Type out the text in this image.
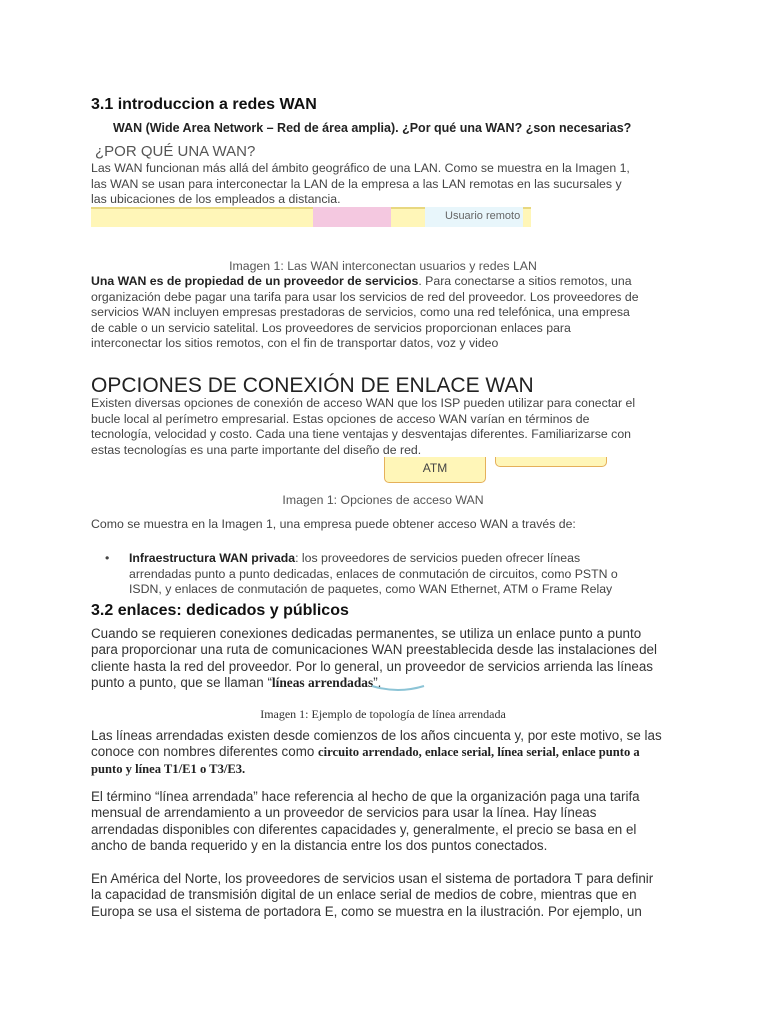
3.1 introduccion a redes WAN
WAN (Wide Area Network – Red de área amplia). ¿Por qué una WAN? ¿son necesarias?
¿POR QUÉ UNA WAN?
Las WAN funcionan más allá del ámbito geográfico de una LAN. Como se muestra en la Imagen 1,
las WAN se usan para interconectar la LAN de la empresa a las LAN remotas en las sucursales y
las ubicaciones de los empleados a distancia.
Usuario remoto
Imagen 1: Las WAN interconectan usuarios y redes LAN
Una WAN es de propiedad de un proveedor de servicios. Para conectarse a sitios remotos, una
organización debe pagar una tarifa para usar los servicios de red del proveedor. Los proveedores de
servicios WAN incluyen empresas prestadoras de servicios, como una red telefónica, una empresa
de cable o un servicio satelital. Los proveedores de servicios proporcionan enlaces para
interconectar los sitios remotos, con el fin de transportar datos, voz y video
OPCIONES DE CONEXIÓN DE ENLACE WAN
Existen diversas opciones de conexión de acceso WAN que los ISP pueden utilizar para conectar el
bucle local al perímetro empresarial. Estas opciones de acceso WAN varían en términos de
tecnología, velocidad y costo. Cada una tiene ventajas y desventajas diferentes. Familiarizarse con
estas tecnologías es una parte importante del diseño de red.
ATM
Imagen 1: Opciones de acceso WAN
Como se muestra en la Imagen 1, una empresa puede obtener acceso WAN a través de:
• Infraestructura WAN privada: los proveedores de servicios pueden ofrecer líneas
arrendadas punto a punto dedicadas, enlaces de conmutación de circuitos, como PSTN o
ISDN, y enlaces de conmutación de paquetes, como WAN Ethernet, ATM o Frame Relay
3.2 enlaces: dedicados y públicos
Cuando se requieren conexiones dedicadas permanentes, se utiliza un enlace punto a punto
para proporcionar una ruta de comunicaciones WAN preestablecida desde las instalaciones del
cliente hasta la red del proveedor. Por lo general, un proveedor de servicios arrienda las líneas
punto a punto, que se llaman “líneas arrendadas”.
Imagen 1: Ejemplo de topología de línea arrendada
Las líneas arrendadas existen desde comienzos de los años cincuenta y, por este motivo, se las
conoce con nombres diferentes como circuito arrendado, enlace serial, línea serial, enlace punto a
punto y línea T1/E1 o T3/E3.
El término “línea arrendada” hace referencia al hecho de que la organización paga una tarifa
mensual de arrendamiento a un proveedor de servicios para usar la línea. Hay líneas
arrendadas disponibles con diferentes capacidades y, generalmente, el precio se basa en el
ancho de banda requerido y en la distancia entre los dos puntos conectados.
En América del Norte, los proveedores de servicios usan el sistema de portadora T para definir
la capacidad de transmisión digital de un enlace serial de medios de cobre, mientras que en
Europa se usa el sistema de portadora E, como se muestra en la ilustración. Por ejemplo, un
